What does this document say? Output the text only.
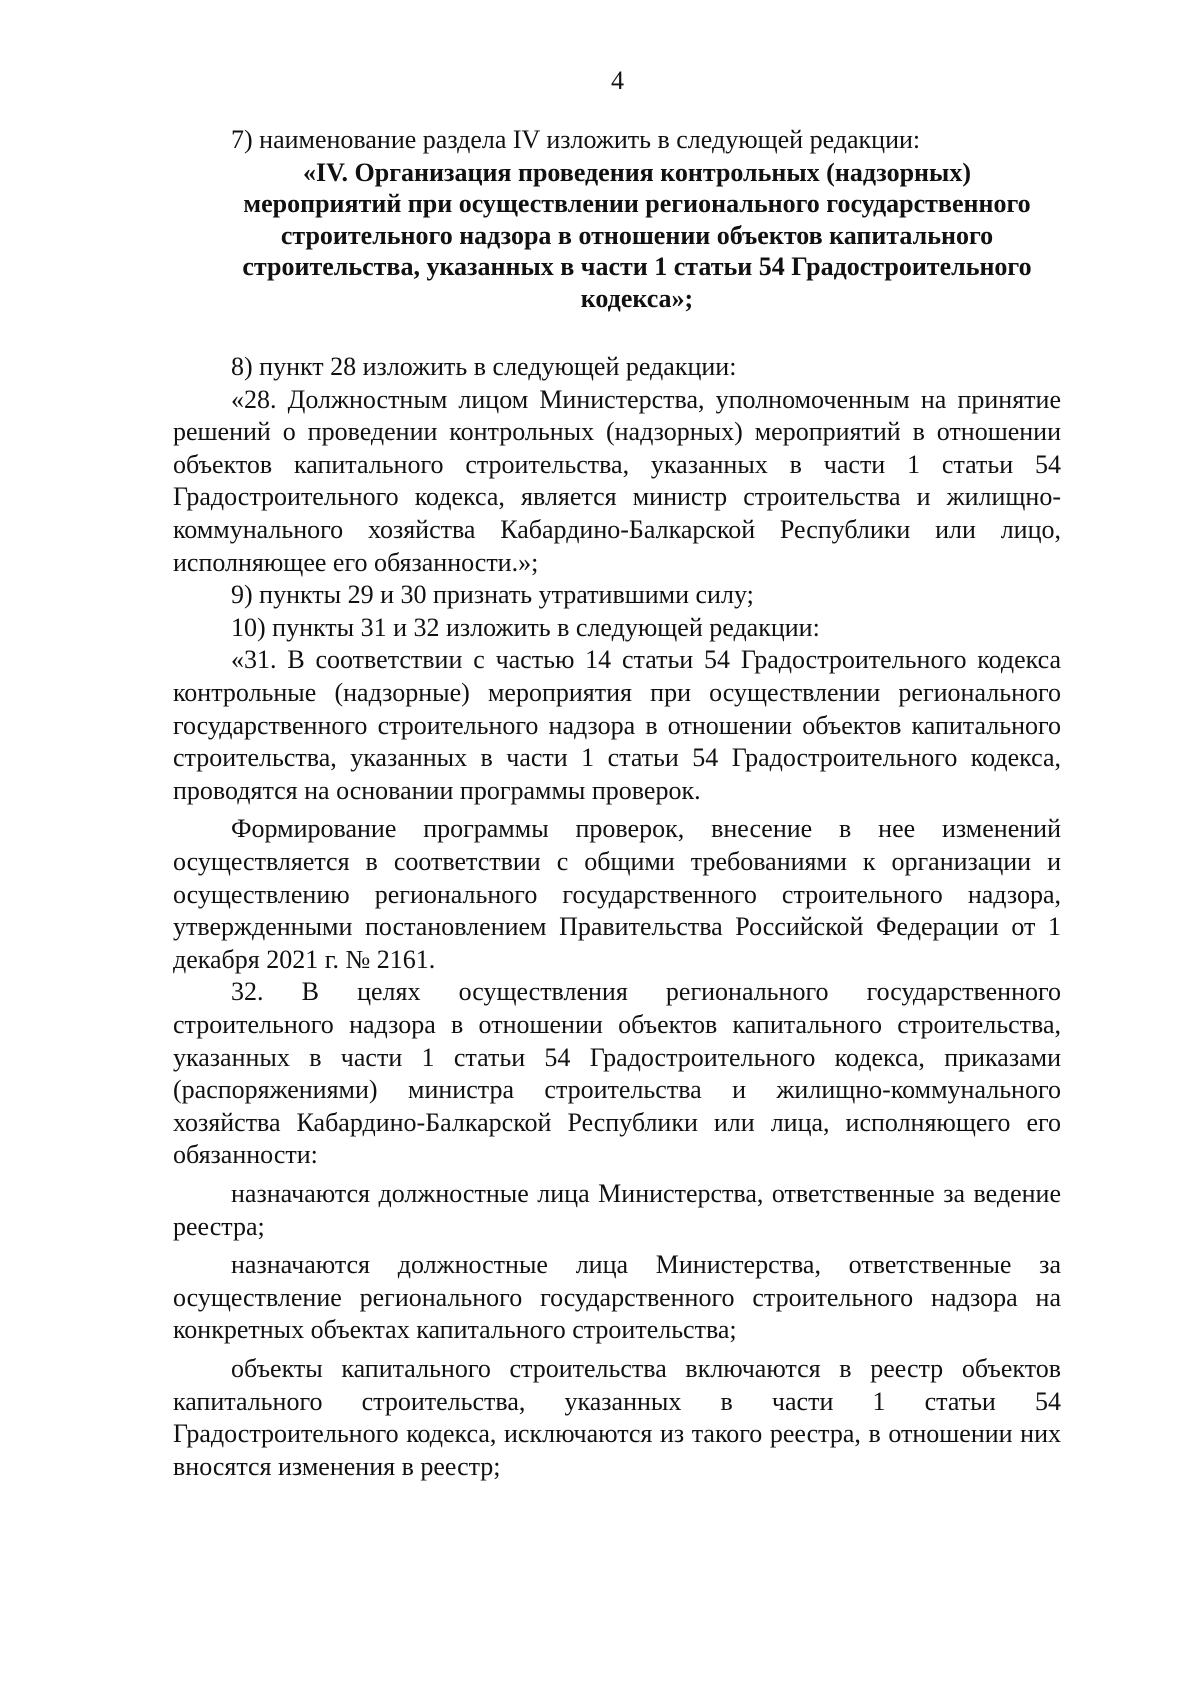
4

7) наименование раздела IV изложить в следующей редакции:

«IV. Организация проведения контрольных (надзорных) мероприятий при осуществлении регионального государственного строительного надзора в отношении объектов капитального строительства, указанных в части 1 статьи 54 Градостроительного кодекса»;

8) пункт 28 изложить в следующей редакции:

«28. Должностным лицом Министерства, уполномоченным на принятие решений о проведении контрольных (надзорных) мероприятий в отношении объектов капитального строительства, указанных в части 1 статьи 54 Градостроительного кодекса, является министр строительства и жилищно-коммунального хозяйства Кабардино-Балкарской Республики или лицо, исполняющее его обязанности.»;

9) пункты 29 и 30 признать утратившими силу;

10) пункты 31 и 32 изложить в следующей редакции:

«31. В соответствии с частью 14 статьи 54 Градостроительного кодекса контрольные (надзорные) мероприятия при осуществлении регионального государственного строительного надзора в отношении объектов капитального строительства, указанных в части 1 статьи 54 Градостроительного кодекса, проводятся на основании программы проверок.

Формирование программы проверок, внесение в нее изменений осуществляется в соответствии с общими требованиями к организации и осуществлению регионального государственного строительного надзора, утвержденными постановлением Правительства Российской Федерации от 1 декабря 2021 г. № 2161.

32. В целях осуществления регионального государственного строительного надзора в отношении объектов капитального строительства, указанных в части 1 статьи 54 Градостроительного кодекса, приказами (распоряжениями) министра строительства и жилищно-коммунального хозяйства Кабардино-Балкарской Республики или лица, исполняющего его обязанности:

назначаются должностные лица Министерства, ответственные за ведение реестра;

назначаются должностные лица Министерства, ответственные за осуществление регионального государственного строительного надзора на конкретных объектах капитального строительства;

объекты капитального строительства включаются в реестр объектов капитального строительства, указанных в части 1 статьи 54 Градостроительного кодекса, исключаются из такого реестра, в отношении них вносятся изменения в реестр;
